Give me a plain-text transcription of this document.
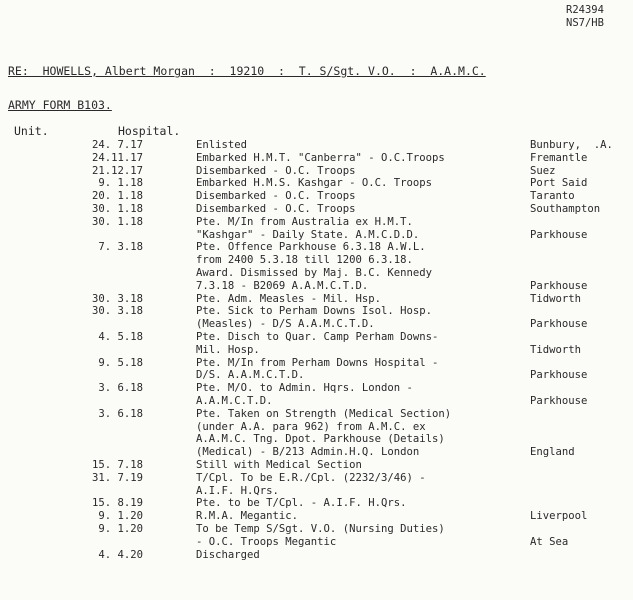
R24394
NS7/HB
RE:  HOWELLS, Albert Morgan  :  19210  :  T. S/Sgt. V.O.  :  A.A.M.C.
ARMY FORM B103.
Unit.	Hospital.
24. 7.17	Enlisted	Bunbury,  .A.
24.11.17	Embarked H.M.T. "Canberra" - O.C.Troops	Fremantle
21.12.17	Disembarked - O.C. Troops	Suez
9. 1.18	Embarked H.M.S. Kashgar - O.C. Troops	Port Said
20. 1.18	Disembarked - O.C. Troops	Taranto
30. 1.18	Disembarked - O.C. Troops	Southampton
30. 1.18	Pte. M/In from Australia ex H.M.T.
"Kashgar" - Daily State. A.M.C.D.D.	Parkhouse
7. 3.18	Pte. Offence Parkhouse 6.3.18 A.W.L.
from 2400 5.3.18 till 1200 6.3.18.
Award. Dismissed by Maj. B.C. Kennedy
7.3.18 - B2069 A.A.M.C.T.D.	Parkhouse
30. 3.18	Pte. Adm. Measles - Mil. Hsp.	Tidworth
30. 3.18	Pte. Sick to Perham Downs Isol. Hosp.
(Measles) - D/S A.A.M.C.T.D.	Parkhouse
4. 5.18	Pte. Disch to Quar. Camp Perham Downs-
Mil. Hosp.	Tidworth
9. 5.18	Pte. M/In from Perham Downs Hospital -
D/S. A.A.M.C.T.D.	Parkhouse
3. 6.18	Pte. M/O. to Admin. Hqrs. London -
A.A.M.C.T.D.	Parkhouse
3. 6.18	Pte. Taken on Strength (Medical Section)
(under A.A. para 962) from A.M.C. ex
A.A.M.C. Tng. Dpot. Parkhouse (Details)
(Medical) - B/213 Admin.H.Q. London	England
15. 7.18	Still with Medical Section
31. 7.19	T/Cpl. To be E.R./Cpl. (2232/3/46) -
A.I.F. H.Qrs.
15. 8.19	Pte. to be T/Cpl. - A.I.F. H.Qrs.
9. 1.20	R.M.A. Megantic.	Liverpool
9. 1.20	To be Temp S/Sgt. V.O. (Nursing Duties)
- O.C. Troops Megantic	At Sea
4. 4.20	Discharged
